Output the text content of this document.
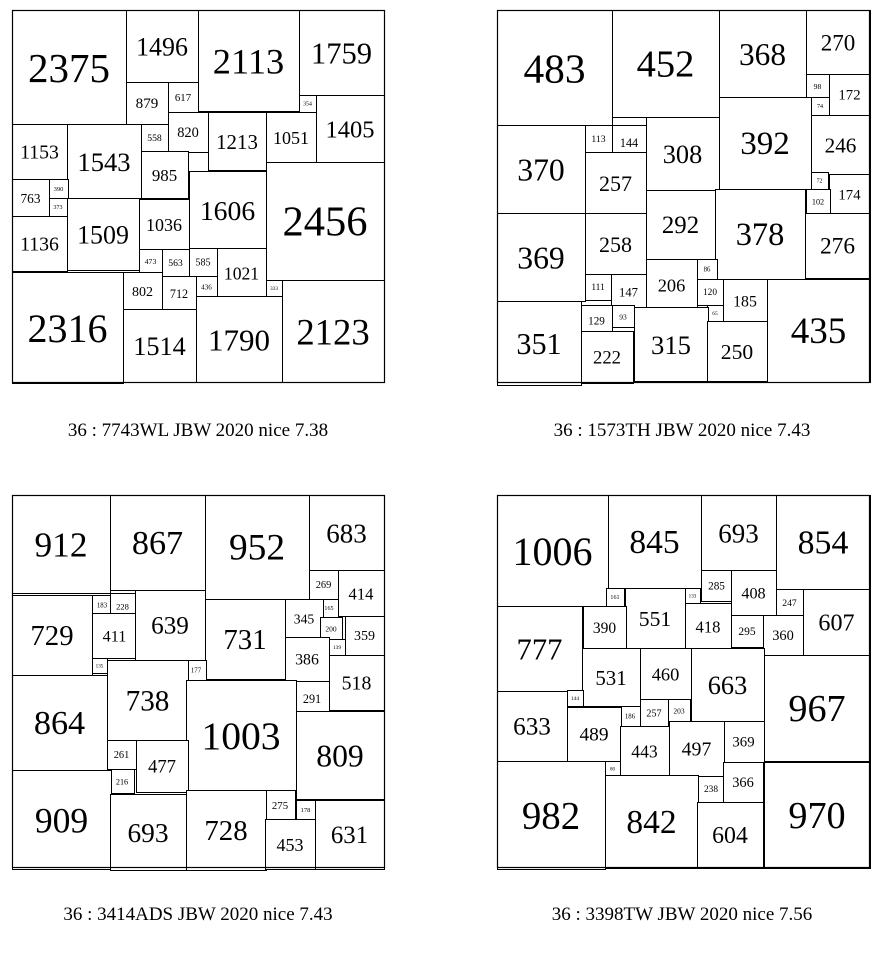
2375 1496 2113 1759
879 617
354
1153 1543
558 820 1213 1051 1405
985
763
390
373
1036 1606 2456
1136 1509
473 563 585
1021
436
802 712	333
2316 1514 1790 2123
483 452 368 270
98
172
74
370
113 144 308 392 246
257	72
174
102
292
369 258	378 276
86
206
111 147	120
185
65
351
129 93
315	435
222	250
912 867 952 683
269 414
165
183 228
345
200
729 411 639 731	359
139
386
135
177
518
864
738	291
1003
261	809
477
216
909	275 178
693 728	631
453
1006 845 693 854
285
161	133	408
247
551
390	607
418 295 360
777
531 460 663
144	967
186 257 203
633 489	369
443 497
80
238 366
982 842	970
604
36 : 7743WL JBW 2020 nice 7.38	36 : 1573TH JBW 2020 nice 7.43
36 : 3414ADS JBW 2020 nice 7.43	36 : 3398TW JBW 2020 nice 7.56
